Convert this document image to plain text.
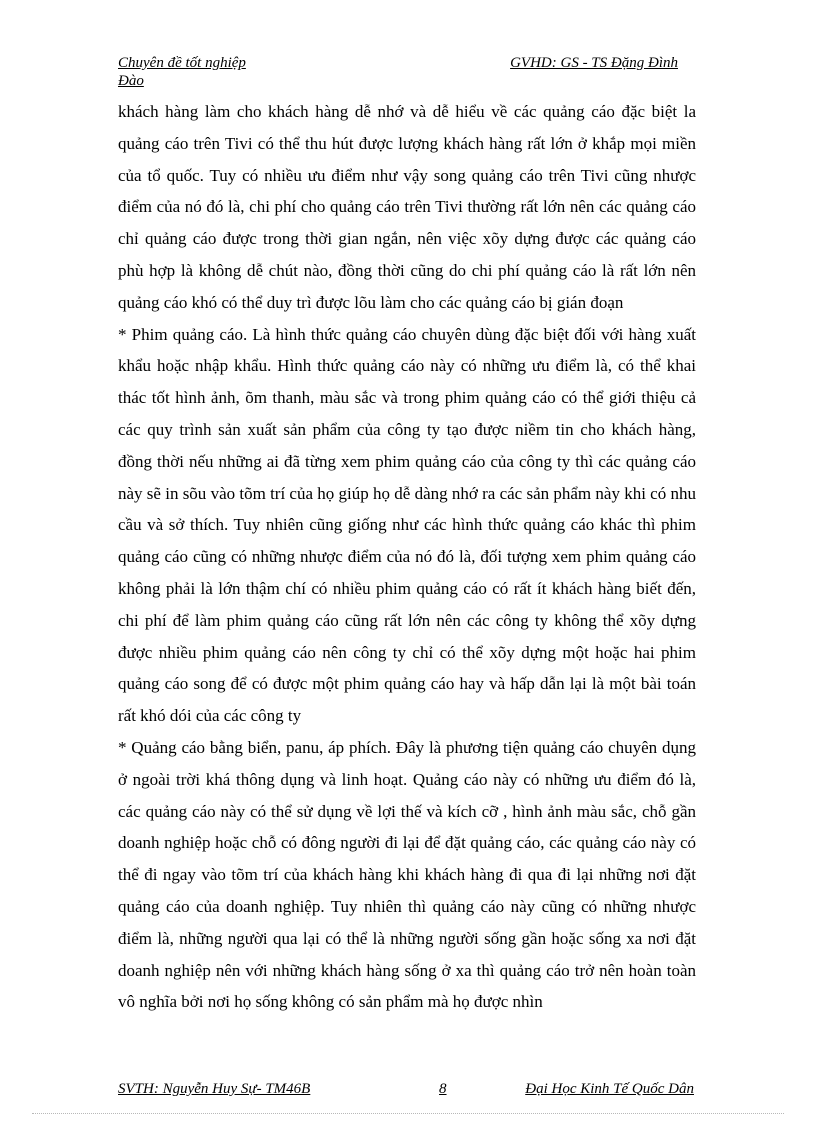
Chuyên đề tốt nghiệp	GVHD: GS - TS Đặng Đình
Đào

khách hàng làm cho khách hàng dễ nhớ và dễ hiểu về các quảng cáo đặc biệt la quảng cáo trên Tivi có thể thu hút được lượng khách hàng rất lớn ở khắp mọi miền của tổ quốc. Tuy có nhiều ưu điểm như vậy song quảng cáo trên Tivi cũng nhược điểm của nó đó là, chi phí cho quảng cáo trên Tivi thường rất lớn nên các quảng cáo chỉ quảng cáo được trong thời gian ngắn, nên việc xõy dựng được các quảng cáo phù hợp là không dễ chút nào, đồng thời cũng do chi phí quảng cáo là rất lớn nên quảng cáo khó có thể duy trì được lõu làm cho các quảng cáo bị gián đoạn

* Phim quảng cáo. Là hình thức quảng cáo chuyên dùng đặc biệt đối với hàng xuất khẩu hoặc nhập khẩu. Hình thức quảng cáo này có những ưu điểm là, có thể khai thác tốt hình ảnh, õm thanh, màu sắc và trong phim quảng cáo có thể giới thiệu cả các quy trình sản xuất sản phẩm của công ty tạo được niềm tin cho khách hàng, đồng thời nếu những ai đã từng xem phim quảng cáo của công ty thì các quảng cáo này sẽ in sõu vào tõm trí của họ giúp họ dễ dàng nhớ ra các sản phẩm này khi có nhu cầu và sở thích. Tuy nhiên cũng giống như các hình thức quảng cáo khác thì phim quảng cáo cũng có những nhược điểm của nó đó là, đối tượng xem phim quảng cáo không phải là lớn thậm chí có nhiều phim quảng cáo có rất ít khách hàng biết đến, chi phí để làm phim quảng cáo cũng rất lớn nên các công ty không thể xõy dựng được nhiều phim quảng cáo nên công ty chỉ có thể xõy dựng một hoặc hai phim quảng cáo song để có được một phim quảng cáo hay và hấp dẫn lại là một bài toán rất khó dói của các công ty

* Quảng cáo bằng biển, panu, áp phích. Đây là phương tiện quảng cáo chuyên dụng ở ngoài trời khá thông dụng và linh hoạt. Quảng cáo này có những ưu điểm đó là, các quảng cáo này có thể sử dụng về lợi thế và kích cỡ , hình ảnh màu sắc, chỗ gần doanh nghiệp hoặc chỗ có đông người đi lại để đặt quảng cáo, các quảng cáo này có thể đi ngay vào tõm trí của khách hàng khi khách hàng đi qua đi lại những nơi đặt quảng cáo của doanh nghiệp. Tuy nhiên thì quảng cáo này cũng có những nhược điểm là, những người qua lại có thể là những người sống gần hoặc sống xa nơi đặt doanh nghiệp nên với những khách hàng sống ở xa thì quảng cáo trở nên hoàn toàn vô nghĩa bởi nơi họ sống không có sản phẩm mà họ được nhìn

SVTH: Nguyễn Huy Sự- TM46B	8	Đại Học Kinh Tế Quốc Dân
